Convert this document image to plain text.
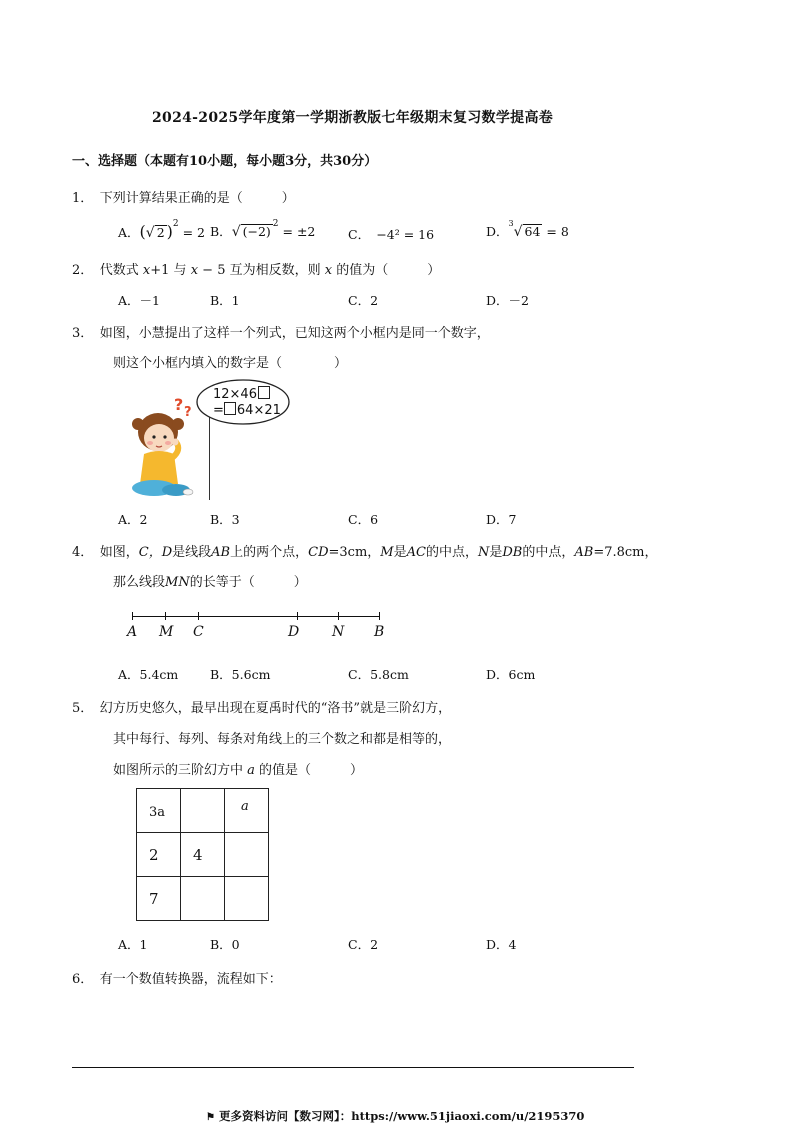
2024-2025学年度第一学期浙教版七年级期末复习数学提高卷
一、选择题（本题有10小题，每小题3分，共30分）
1．　下列计算结果正确的是（　　　）
A．(√ 2 )$^2$ = 2 B．√ (−2) $^2$ = ±2	C．　−4² = 16	D．$^3$√ 64 = 8
2．　代数式 x+1 与 x − 5 互为相反数，则 x 的值为（　　　）
A．－1	B．1	C．2	D．－2
3．　如图，小慧提出了这样一个列式，已知这两个小框内是同一个数字，
则这个小框内填入的数字是（　　　　）
? ?
12×46
= 64×21
A．2	B．3	C．6	D．7
4．　如图，C，D是线段AB上的两个点，CD=3cm，M是AC的中点，N是DB的中点，AB=7.8cm，
那么线段MN的长等于（　　　）
A M C	D N B
A．5.4cm	B．5.6cm	C．5.8cm	D．6cm
5．　幻方历史悠久，最早出现在夏禹时代的“洛书”就是三阶幻方，
其中每行、每列、每条对角线上的三个数之和都是相等的，
如图所示的三阶幻方中 a 的值是（　　　）
3a		a
2	4	
7		
A．1	B．0	C．2	D．4
6．　有一个数值转换器，流程如下：
⚑ 更多资料访问【数习网】：https://www.51jiaoxi.com/u/2195370
